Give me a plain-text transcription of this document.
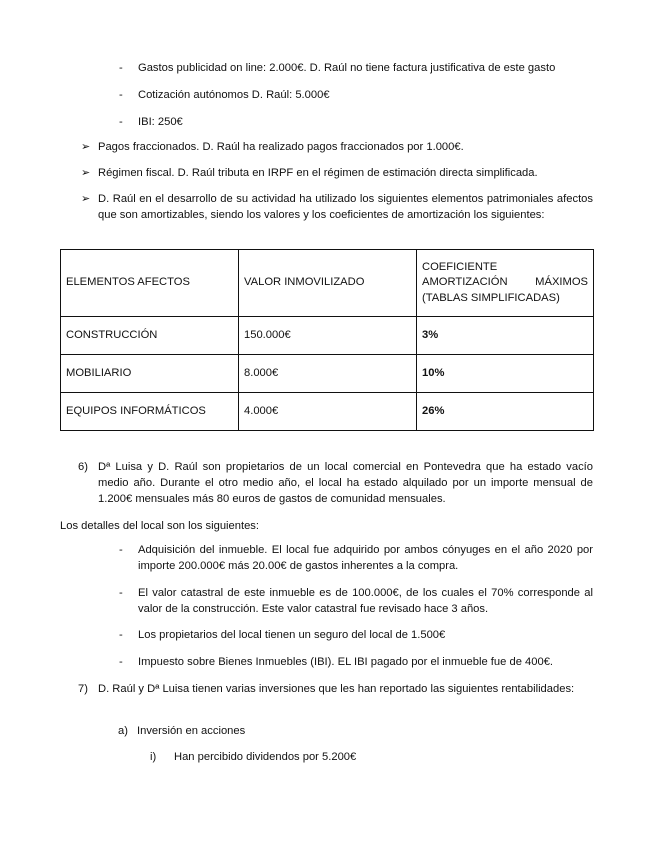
- Gastos publicidad on line: 2.000€. D. Raúl no tiene factura justificativa de este gasto
- Cotización autónomos D. Raúl: 5.000€
- IBI: 250€
➢ Pagos fraccionados. D. Raúl ha realizado pagos fraccionados por 1.000€.
➢ Régimen fiscal. D. Raúl tributa en IRPF en el régimen de estimación directa simplificada.
➢ D. Raúl en el desarrollo de su actividad ha utilizado los siguientes elementos patrimoniales afectos que son amortizables, siendo los valores y los coeficientes de amortización los siguientes:
ELEMENTOS AFECTOS	VALOR INMOVILIZADO	COEFICIENTE
AMORTIZACIÓN MÁXIMOS
(TABLAS SIMPLIFICADAS)

CONSTRUCCIÓN	150.000€	3%
MOBILIARIO	8.000€	10%
EQUIPOS INFORMÁTICOS	4.000€	26%
6) Dª Luisa y D. Raúl son propietarios de un local comercial en Pontevedra que ha estado vacío medio año. Durante el otro medio año, el local ha estado alquilado por un importe mensual de 1.200€ mensuales más 80 euros de gastos de comunidad mensuales.
Los detalles del local son los siguientes:
- Adquisición del inmueble. El local fue adquirido por ambos cónyuges en el año 2020 por importe 200.000€ más 20.00€ de gastos inherentes a la compra.
- El valor catastral de este inmueble es de 100.000€, de los cuales el 70% corresponde al valor de la construcción. Este valor catastral fue revisado hace 3 años.
- Los propietarios del local tienen un seguro del local de 1.500€
- Impuesto sobre Bienes Inmuebles (IBI). EL IBI pagado por el inmueble fue de 400€.
7) D. Raúl y Dª Luisa tienen varias inversiones que les han reportado las siguientes rentabilidades:
a) Inversión en acciones
i) Han percibido dividendos por 5.200€
